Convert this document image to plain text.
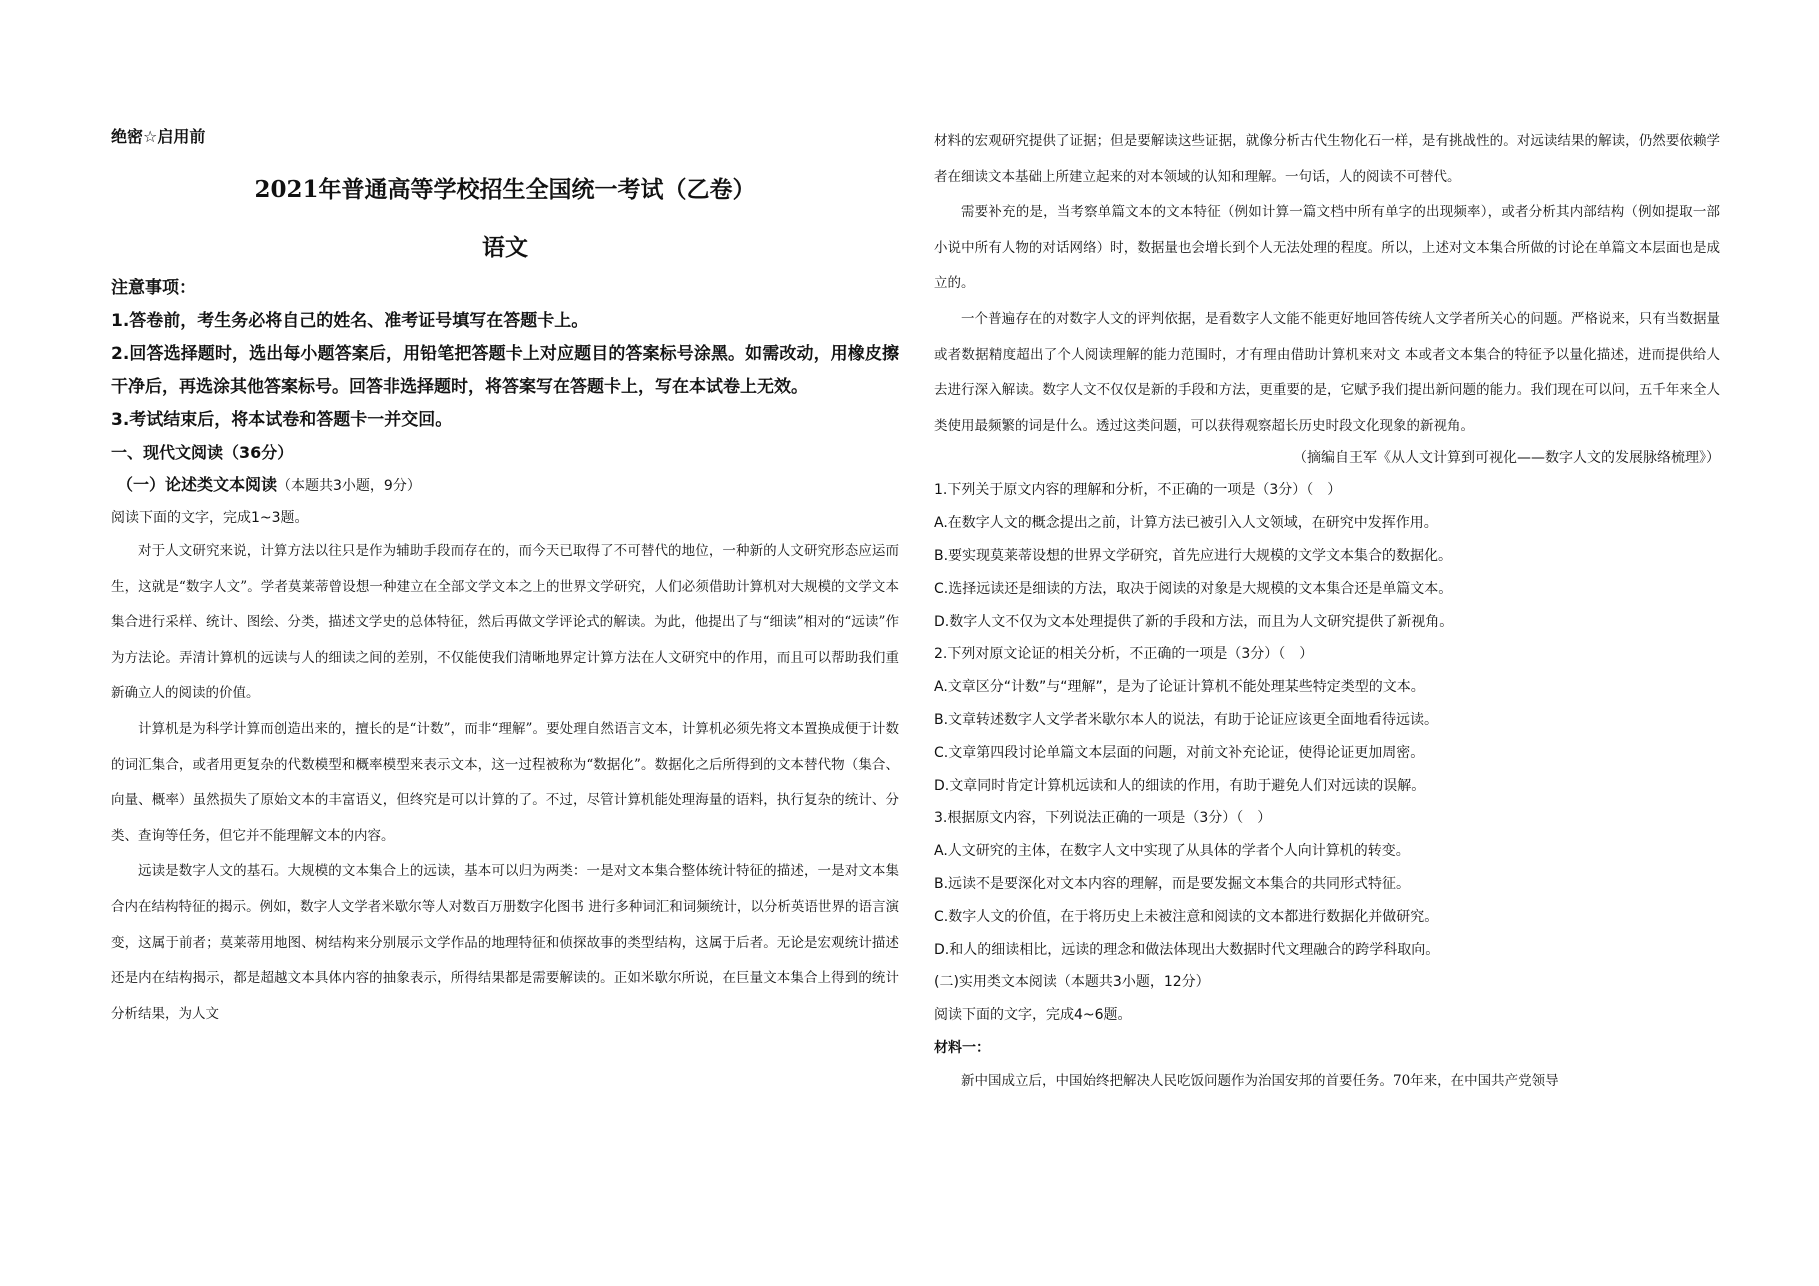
绝密☆启用前
2021年普通高等学校招生全国统一考试（乙卷）
语文
注意事项：
1.答卷前，考生务必将自己的姓名、准考证号填写在答题卡上。
2.回答选择题时，选出每小题答案后，用铅笔把答题卡上对应题目的答案标号涂黑。如需改动，用橡皮擦干净后，再选涂其他答案标号。回答非选择题时，将答案写在答题卡上，写在本试卷上无效。
3.考试结束后，将本试卷和答题卡一并交回。
一、现代文阅读（36分）
（一）论述类文本阅读（本题共3小题，9分）
阅读下面的文字，完成1~3题。

对于人文研究来说，计算方法以往只是作为辅助手段而存在的，而今天已取得了不可替代的地位，一种新的人文研究形态应运而生，这就是“数字人文”。学者莫莱蒂曾设想一种建立在全部文学文本之上的世界文学研究，人们必须借助计算机对大规模的文学文本集合进行采样、统计、图绘、分类，描述文学史的总体特征，然后再做文学评论式的解读。为此，他提出了与“细读”相对的“远读”作为方法论。弄清计算机的远读与人的细读之间的差别，不仅能使我们清晰地界定计算方法在人文研究中的作用，而且可以帮助我们重新确立人的阅读的价值。

计算机是为科学计算而创造出来的，擅长的是“计数”，而非“理解”。要处理自然语言文本，计算机必须先将文本置换成便于计数的词汇集合，或者用更复杂的代数模型和概率模型来表示文本，这一过程被称为“数据化”。数据化之后所得到的文本替代物（集合、向量、概率）虽然损失了原始文本的丰富语义，但终究是可以计算的了。不过，尽管计算机能处理海量的语料，执行复杂的统计、分类、查询等任务，但它并不能理解文本的内容。

远读是数字人文的基石。大规模的文本集合上的远读，基本可以归为两类：一是对文本集合整体统计特征的描述，一是对文本集合内在结构特征的揭示。例如，数字人文学者米歇尔等人对数百万册数字化图书 进行多种词汇和词频统计，以分析英语世界的语言演变，这属于前者；莫莱蒂用地图、树结构来分别展示文学作品的地理特征和侦探故事的类型结构，这属于后者。无论是宏观统计描述还是内在结构揭示，都是超越文本具体内容的抽象表示，所得结果都是需要解读的。正如米歇尔所说，在巨量文本集合上得到的统计分析结果，为人文

材料的宏观研究提供了证据；但是要解读这些证据，就像分析古代生物化石一样，是有挑战性的。对远读结果的解读，仍然要依赖学者在细读文本基础上所建立起来的对本领域的认知和理解。一句话，人的阅读不可替代。

需要补充的是，当考察单篇文本的文本特征（例如计算一篇文档中所有单字的出现频率），或者分析其内部结构（例如提取一部小说中所有人物的对话网络）时，数据量也会增长到个人无法处理的程度。所以，上述对文本集合所做的讨论在单篇文本层面也是成立的。

一个普遍存在的对数字人文的评判依据，是看数字人文能不能更好地回答传统人文学者所关心的问题。严格说来，只有当数据量或者数据精度超出了个人阅读理解的能力范围时，才有理由借助计算机来对文 本或者文本集合的特征予以量化描述，进而提供给人去进行深入解读。数字人文不仅仅是新的手段和方法，更重要的是，它赋予我们提出新问题的能力。我们现在可以问，五千年来全人类使用最频繁的词是什么。透过这类问题，可以获得观察超长历史时段文化现象的新视角。

（摘编自王军《从人文计算到可视化——数字人文的发展脉络梳理》）
1.下列关于原文内容的理解和分析，不正确的一项是（3分）（　）
A.在数字人文的概念提出之前，计算方法已被引入人文领域，在研究中发挥作用。
B.要实现莫莱蒂设想的世界文学研究，首先应进行大规模的文学文本集合的数据化。
C.选择远读还是细读的方法，取决于阅读的对象是大规模的文本集合还是单篇文本。
D.数字人文不仅为文本处理提供了新的手段和方法，而且为人文研究提供了新视角。
2.下列对原文论证的相关分析，不正确的一项是（3分）（　）
A.文章区分“计数”与“理解”，是为了论证计算机不能处理某些特定类型的文本。
B.文章转述数字人文学者米歇尔本人的说法，有助于论证应该更全面地看待远读。
C.文章第四段讨论单篇文本层面的问题，对前文补充论证，使得论证更加周密。
D.文章同时肯定计算机远读和人的细读的作用，有助于避免人们对远读的误解。
3.根据原文内容，下列说法正确的一项是（3分）（　）
A.人文研究的主体，在数字人文中实现了从具体的学者个人向计算机的转变。
B.远读不是要深化对文本内容的理解，而是要发掘文本集合的共同形式特征。
C.数字人文的价值，在于将历史上未被注意和阅读的文本都进行数据化并做研究。
D.和人的细读相比，远读的理念和做法体现出大数据时代文理融合的跨学科取向。
(二)实用类文本阅读（本题共3小题，12分）
阅读下面的文字，完成4~6题。
材料一：

新中国成立后，中国始终把解决人民吃饭问题作为治国安邦的首要任务。70年来，在中国共产党领导
